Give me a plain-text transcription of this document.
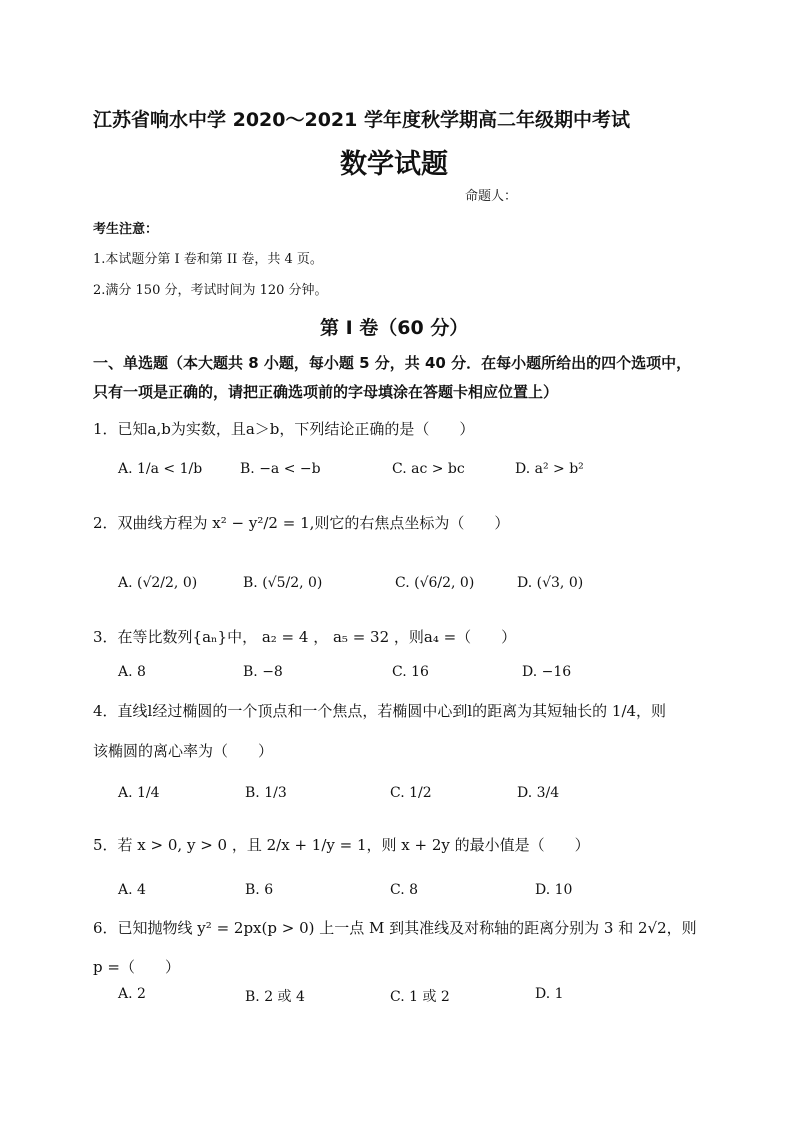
江苏省响水中学 2020～2021 学年度秋学期高二年级期中考试
数学试题
命题人：
考生注意：
1.本试题分第 I 卷和第 II 卷，共 4 页。
2.满分 150 分，考试时间为 120 分钟。
第 I 卷（60 分）
一、单选题（本大题共 8 小题，每小题 5 分，共 40 分．在每小题所给出的四个选项中，
只有一项是正确的，请把正确选项前的字母填涂在答题卡相应位置上）
1．已知a,b为实数，且a＞b，下列结论正确的是（　　）
A. 1/a < 1/b	B. −a < −b	C. ac > bc	D. a² > b²
2．双曲线方程为 x² − y²/2 = 1,则它的右焦点坐标为（　　）
A. (√2/2, 0)	B. (√5/2, 0)	C. (√6/2, 0)	D. (√3, 0)
3．在等比数列{aₙ}中， a₂ = 4 ， a₅ = 32 ，则a₄ =（　　）
A. 8	B. −8	C. 16	D. −16
4．直线l经过椭圆的一个顶点和一个焦点，若椭圆中心到l的距离为其短轴长的 1/4，则
该椭圆的离心率为（　　）
A. 1/4	B. 1/3	C. 1/2	D. 3/4
5．若 x > 0, y > 0 ，且 2/x + 1/y = 1，则 x + 2y 的最小值是（　　）
A. 4	B. 6	C. 8	D. 10
6．已知抛物线 y² = 2px(p > 0) 上一点 M 到其准线及对称轴的距离分别为 3 和 2√2，则
p =（　　）
A. 2	B. 2 或 4	C. 1 或 2	D. 1
